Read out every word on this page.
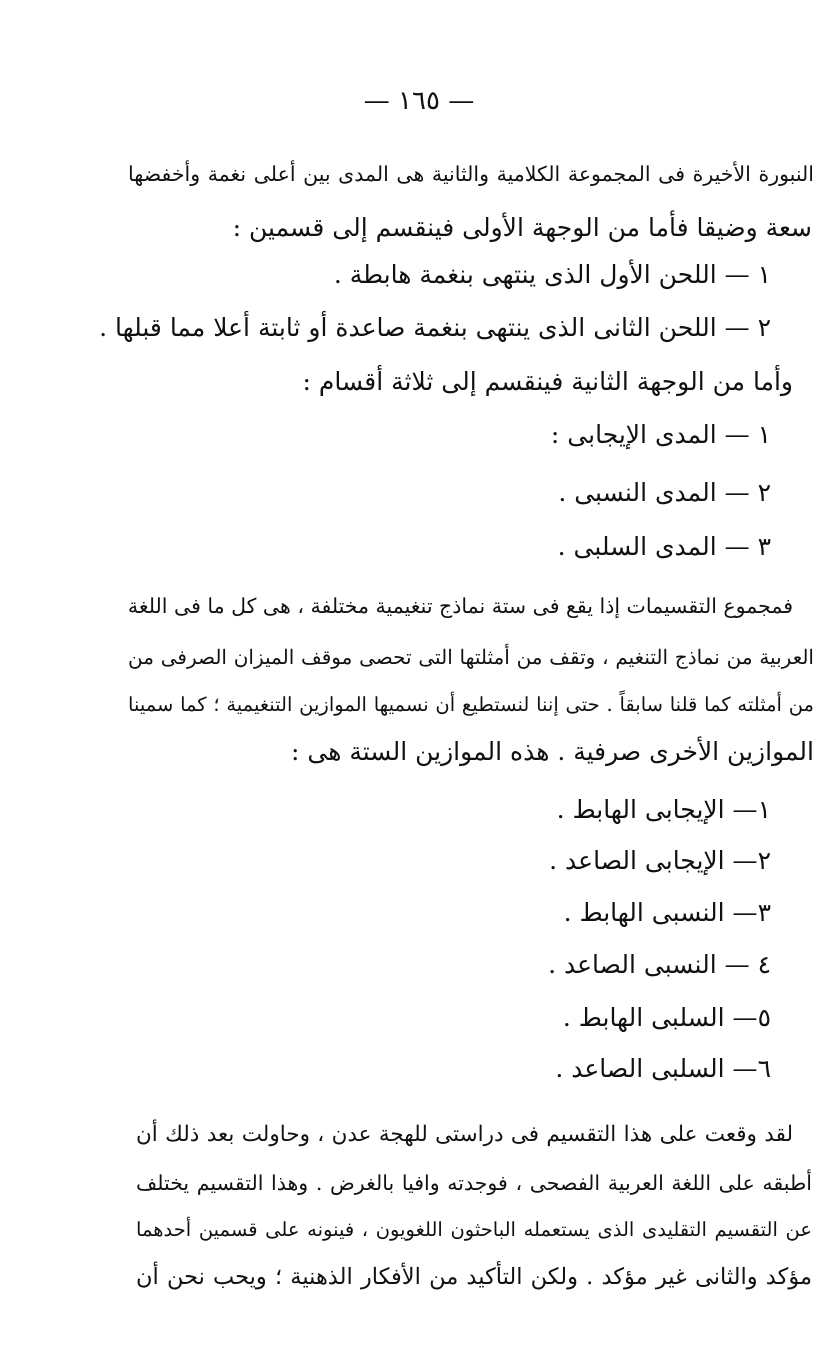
— ١٦٥ —
النبورة الأخيرة فى المجموعة الكلامية والثانية هى المدى بين أعلى نغمة وأخفضها
سعة وضيقا فأما من الوجهة الأولى فينقسم إلى قسمين :
١ — اللحن الأول الذى ينتهى بنغمة هابطة .
٢ — اللحن الثانى الذى ينتهى بنغمة صاعدة أو ثابتة أعلا مما قبلها .
وأما من الوجهة الثانية فينقسم إلى ثلاثة أقسام :
١ — المدى الإيجابى :
٢ — المدى النسبى .
٣ — المدى السلبى .
فمجموع التقسيمات إذا يقع فى ستة نماذج تنغيمية مختلفة ، هى كل ما فى اللغة
العربية من نماذج التنغيم ، وتقف من أمثلتها التى تحصى موقف الميزان الصرفى من
من أمثلته كما قلنا سابقاً . حتى إننا لنستطيع أن نسميها الموازين التنغيمية ؛ كما سمينا
الموازين الأخرى صرفية . هذه الموازين الستة هى :
١— الإيجابى الهابط .
٢— الإيجابى الصاعد .
٣— النسبى الهابط .
٤ — النسبى الصاعد .
٥— السلبى الهابط .
٦— السلبى الصاعد .
لقد وقعت على هذا التقسيم فى دراستى للهجة عدن ، وحاولت بعد ذلك أن
أطبقه على اللغة العربية الفصحى ، فوجدته وافيا بالغرض . وهذا التقسيم يختلف
عن التقسيم التقليدى الذى يستعمله الباحثون اللغويون ، فينونه على قسمين أحدهما
مؤكد والثانى غير مؤكد . ولكن التأكيد من الأفكار الذهنية ؛ ويحب نحن أن
